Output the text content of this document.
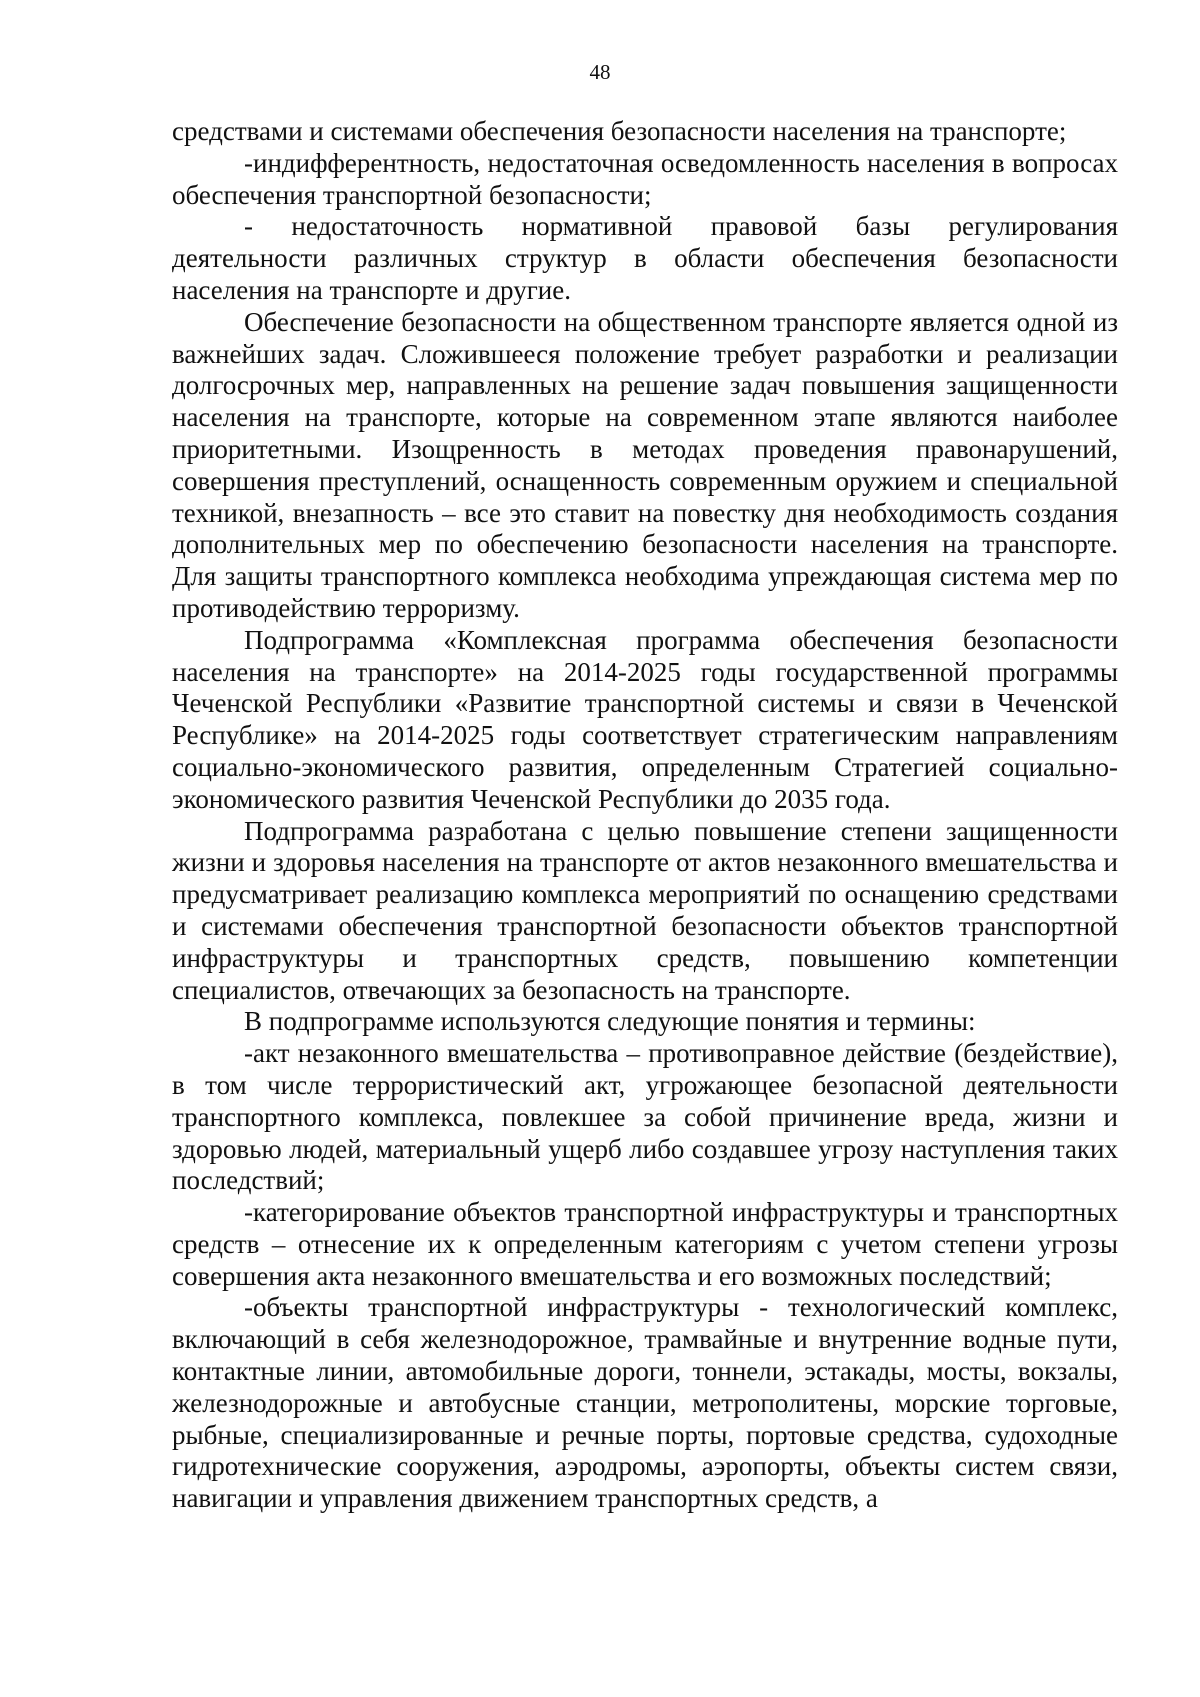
48

средствами и системами обеспечения безопасности населения на транспорте;

-индифферентность, недостаточная осведомленность населения в вопросах обеспечения транспортной безопасности;

- недостаточность нормативной правовой базы регулирования деятельности различных структур в области обеспечения безопасности населения на транспорте и другие.

Обеспечение безопасности на общественном транспорте является одной из важнейших задач. Сложившееся положение требует разработки и реализации долгосрочных мер, направленных на решение задач повышения защищенности населения на транспорте, которые на современном этапе являются наиболее приоритетными. Изощренность в методах проведения правонарушений, совершения преступлений, оснащенность современным оружием и специальной техникой, внезапность – все это ставит на повестку дня необходимость создания дополнительных мер по обеспечению безопасности населения на транспорте. Для защиты транспортного комплекса необходима упреждающая система мер по противодействию терроризму.

Подпрограмма «Комплексная программа обеспечения безопасности населения на транспорте» на 2014-2025 годы государственной программы Чеченской Республики «Развитие транспортной системы и связи в Чеченской Республике» на 2014-2025 годы соответствует стратегическим направлениям социально-экономического развития, определенным Стратегией социально-экономического развития Чеченской Республики до 2035 года.

Подпрограмма разработана с целью повышение степени защищенности жизни и здоровья населения на транспорте от актов незаконного вмешательства и предусматривает реализацию комплекса мероприятий по оснащению средствами и системами обеспечения транспортной безопасности объектов транспортной инфраструктуры и транспортных средств, повышению компетенции специалистов, отвечающих за безопасность на транспорте.

В подпрограмме используются следующие понятия и термины:

-акт незаконного вмешательства – противоправное действие (бездействие), в том числе террористический акт, угрожающее безопасной деятельности транспортного комплекса, повлекшее за собой причинение вреда, жизни и здоровью людей, материальный ущерб либо создавшее угрозу наступления таких последствий;

-категорирование объектов транспортной инфраструктуры и транспортных средств – отнесение их к определенным категориям с учетом степени угрозы совершения акта незаконного вмешательства и его возможных последствий;

-объекты транспортной инфраструктуры - технологический комплекс, включающий в себя железнодорожное, трамвайные и внутренние водные пути, контактные линии, автомобильные дороги, тоннели, эстакады, мосты, вокзалы, железнодорожные и автобусные станции, метрополитены, морские торговые, рыбные, специализированные и речные порты, портовые средства, судоходные гидротехнические сооружения, аэродромы, аэропорты, объекты систем связи, навигации и управления движением транспортных средств, а
